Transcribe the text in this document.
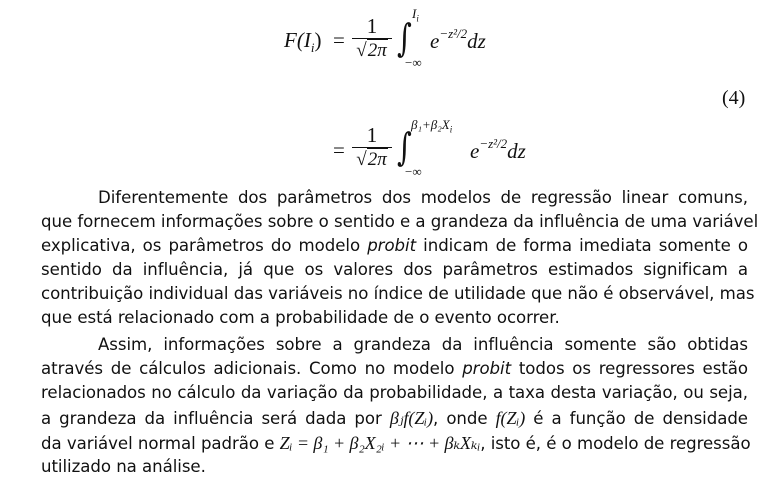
$F(I_i)$ =
1
√2π ∫
$I_i$
−∞
$e^{-z^2/2}dz$
(4)
=
1
√2π ∫
$\beta_1+\beta_2X_i$
−∞
$e^{-z^2/2}dz$
Diferentemente dos parâmetros dos modelos de regressão linear comuns,
que fornecem informações sobre o sentido e a grandeza da influência de uma variável
explicativa, os parâmetros do modelo probit indicam de forma imediata somente o
sentido da influência, já que os valores dos parâmetros estimados significam a
contribuição individual das variáveis no índice de utilidade que não é observável, mas
que está relacionado com a probabilidade de o evento ocorrer.
Assim, informações sobre a grandeza da influência somente são obtidas
através de cálculos adicionais. Como no modelo probit todos os regressores estão
relacionados no cálculo da variação da probabilidade, a taxa desta variação, ou seja,
a grandeza da influência será dada por βⱼf(Zᵢ), onde f(Zᵢ) é a função de densidade
da variável normal padrão e Zᵢ = β₁ + β₂X₂ᵢ + ⋯ + βₖXₖᵢ, isto é, é o modelo de regressão
utilizado na análise.
